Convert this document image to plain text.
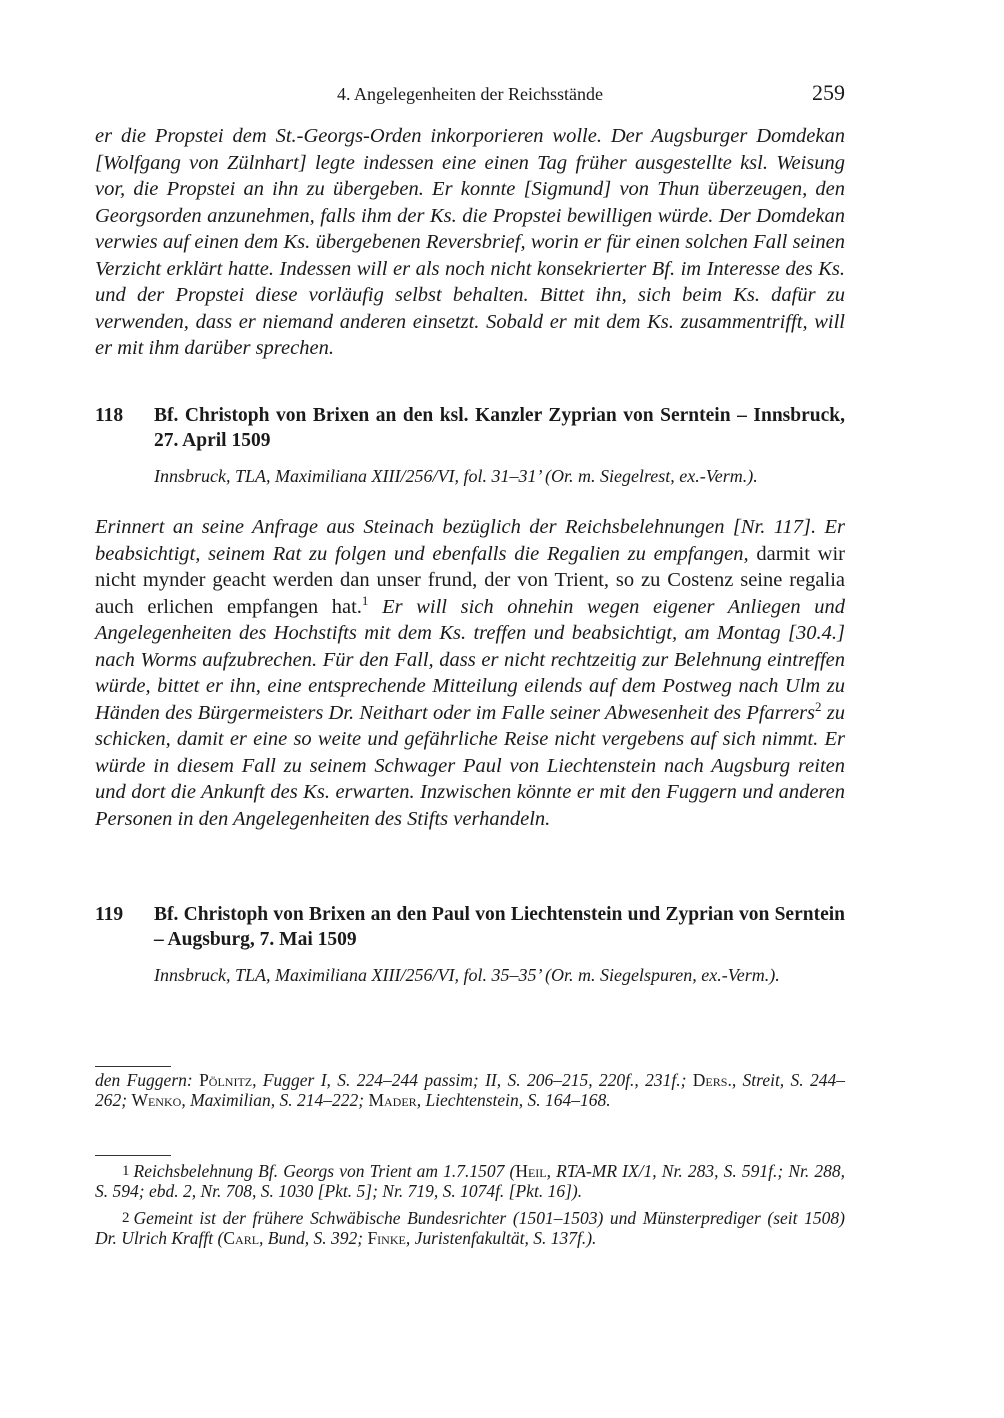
4. Angelegenheiten der Reichsstände	259

er die Propstei dem St.-Georgs-Orden inkorporieren wolle. Der Augsburger Domdekan [Wolfgang von Zülnhart] legte indessen eine einen Tag früher ausgestellte ksl. Weisung vor, die Propstei an ihn zu übergeben. Er konnte [Sigmund] von Thun überzeugen, den Georgsorden anzunehmen, falls ihm der Ks. die Propstei bewilligen würde. Der Domdekan verwies auf einen dem Ks. übergebenen Reversbrief, worin er für einen solchen Fall seinen Verzicht erklärt hatte. Indessen will er als noch nicht konsekrierter Bf. im Interesse des Ks. und der Propstei diese vorläufig selbst behalten. Bittet ihn, sich beim Ks. dafür zu verwenden, dass er niemand anderen einsetzt. Sobald er mit dem Ks. zusammentrifft, will er mit ihm darüber sprechen.

118 Bf. Christoph von Brixen an den ksl. Kanzler Zyprian von Serntein – Innsbruck, 27. April 1509
Innsbruck, TLA, Maximiliana XIII/256/VI, fol. 31–31’ (Or. m. Siegelrest, ex.-Verm.).

Erinnert an seine Anfrage aus Steinach bezüglich der Reichsbelehnungen [Nr. 117]. Er beabsichtigt, seinem Rat zu folgen und ebenfalls die Regalien zu empfangen, darmit wir nicht mynder geacht werden dan unser frund, der von Trient, so zu Costenz seine regalia auch erlichen empfangen hat.$^1$ Er will sich ohnehin wegen eigener Anliegen und Angelegenheiten des Hochstifts mit dem Ks. treffen und beabsichtigt, am Montag [30.4.] nach Worms aufzubrechen. Für den Fall, dass er nicht rechtzeitig zur Belehnung eintreffen würde, bittet er ihn, eine entsprechende Mitteilung eilends auf dem Postweg nach Ulm zu Händen des Bürgermeisters Dr. Neithart oder im Falle seiner Abwesenheit des Pfarrers$^2$ zu schicken, damit er eine so weite und gefährliche Reise nicht vergebens auf sich nimmt. Er würde in diesem Fall zu seinem Schwager Paul von Liechtenstein nach Augsburg reiten und dort die Ankunft des Ks. erwarten. Inzwischen könnte er mit den Fuggern und anderen Personen in den Angelegenheiten des Stifts verhandeln.

119 Bf. Christoph von Brixen an den Paul von Liechtenstein und Zyprian von Serntein – Augsburg, 7. Mai 1509
Innsbruck, TLA, Maximiliana XIII/256/VI, fol. 35–35’ (Or. m. Siegelspuren, ex.-Verm.).

den Fuggern: Pölnitz, Fugger I, S. 224–244 passim; II, S. 206–215, 220f., 231f.; Ders., Streit, S. 244–262; Wenko, Maximilian, S. 214–222; Mader, Liechtenstein, S. 164–168.

1 Reichsbelehnung Bf. Georgs von Trient am 1.7.1507 (Heil, RTA-MR IX/1, Nr. 283, S. 591f.; Nr. 288, S. 594; ebd. 2, Nr. 708, S. 1030 [Pkt. 5]; Nr. 719, S. 1074f. [Pkt. 16]).

2 Gemeint ist der frühere Schwäbische Bundesrichter (1501–1503) und Münsterprediger (seit 1508) Dr. Ulrich Krafft (Carl, Bund, S. 392; Finke, Juristenfakultät, S. 137f.).
